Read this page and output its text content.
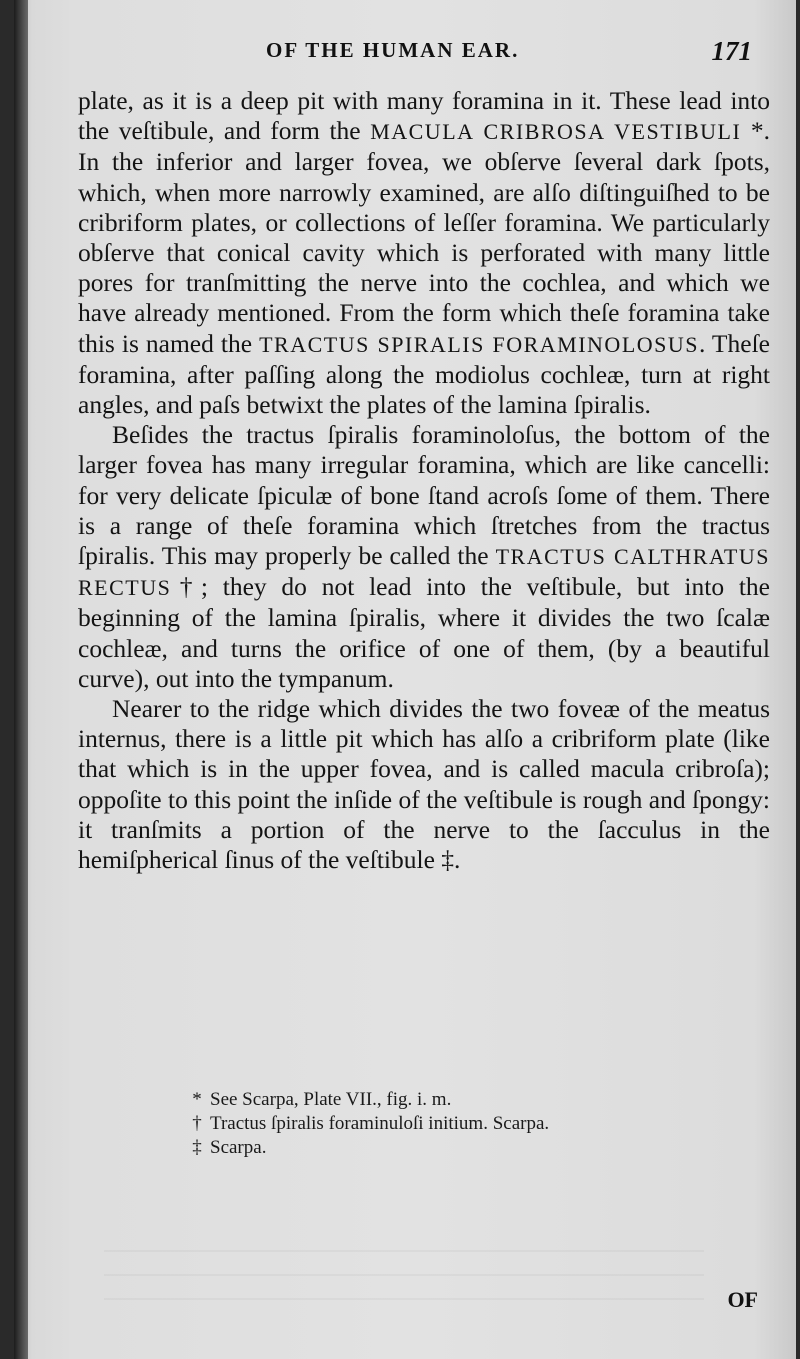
OF THE HUMAN EAR.	171

plate, as it is a deep pit with many foramina in it. These lead into the veſtibule, and form the MACULA CRIBROSA VESTIBULI *. In the inferior and larger fovea, we obſerve ſeveral dark ſpots, which, when more narrowly examined, are alſo diſtinguiſhed to be cribriform plates, or collections of leſſer foramina. We particularly obſerve that conical cavity which is perforated with many little pores for tranſmitting the nerve into the cochlea, and which we have already mentioned. From the form which theſe foramina take this is named the TRACTUS SPIRALIS FORAMINOLOSUS. Theſe foramina, after paſſing along the modiolus cochleæ, turn at right angles, and paſs betwixt the plates of the lamina ſpiralis.

Beſides the tractus ſpiralis foraminoloſus, the bottom of the larger fovea has many irregular foramina, which are like cancelli: for very delicate ſpiculæ of bone ſtand acroſs ſome of them. There is a range of theſe foramina which ſtretches from the tractus ſpiralis. This may properly be called the TRACTUS CALTHRATUS RECTUS†; they do not lead into the veſtibule, but into the beginning of the lamina ſpiralis, where it divides the two ſcalæ cochleæ, and turns the orifice of one of them, (by a beautiful curve), out into the tympanum.

Nearer to the ridge which divides the two foveæ of the meatus internus, there is a little pit which has alſo a cribriform plate (like that which is in the upper fovea, and is called macula cribroſa); oppoſite to this point the inſide of the veſtibule is rough and ſpongy: it tranſmits a portion of the nerve to the ſacculus in the hemiſpherical ſinus of the veſtibule ‡.

* See Scarpa, Plate VII., fig. i. m.
† Tractus ſpiralis foraminuloſi initium. Scarpa.
‡ Scarpa.
OF
